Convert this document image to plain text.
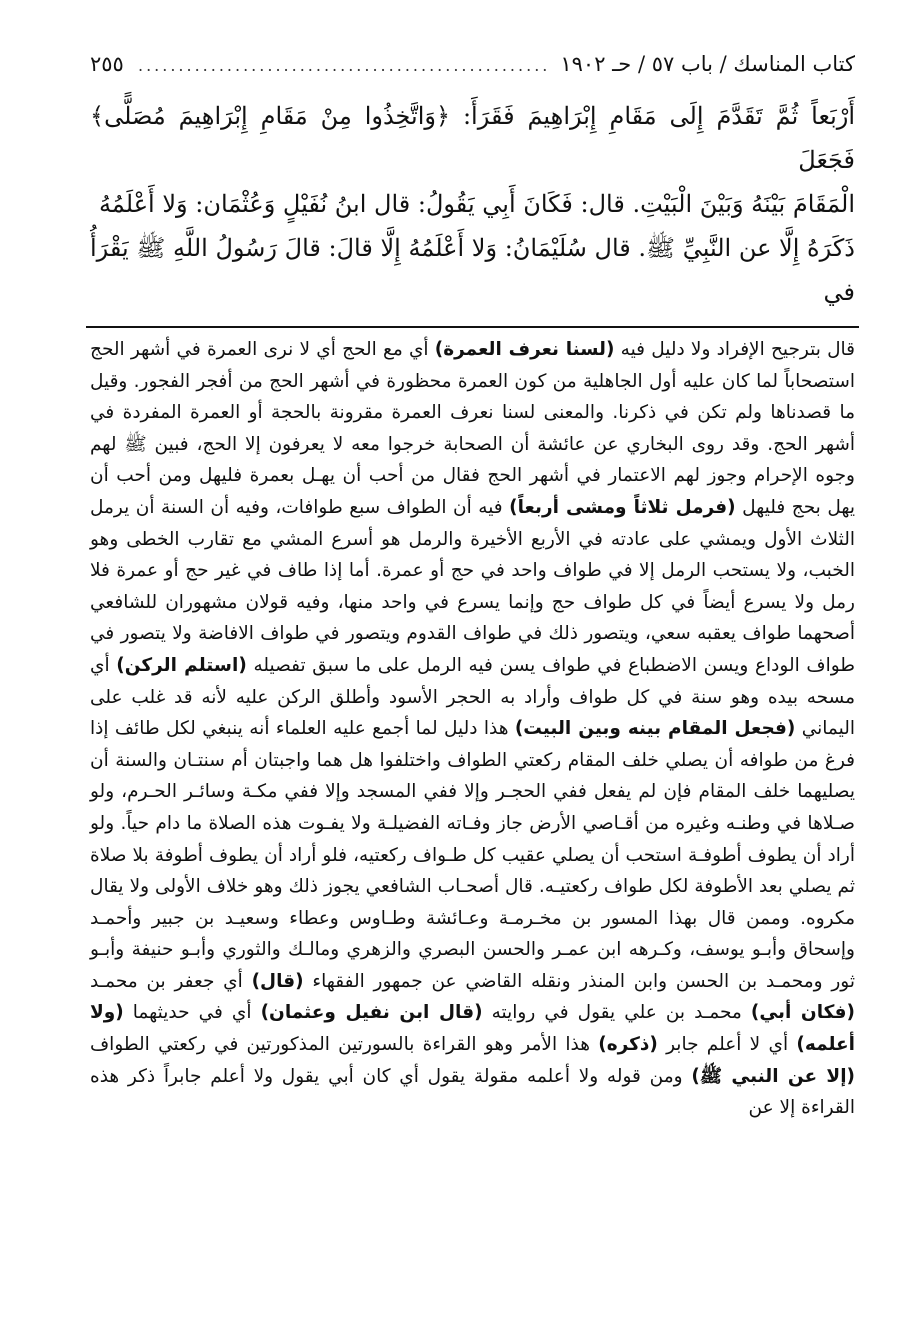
كتاب المناسك / باب ٥٧ / حـ ١٩٠٢
.....
٢٥٥

أَرْبَعاً ثُمَّ تَقَدَّمَ إِلَى مَقَامِ إِبْرَاهِيمَ فَقَرَأَ: ﴿وَاتَّخِذُوا مِنْ مَقَامِ إِبْرَاهِيمَ مُصَلًّى﴾ فَجَعَلَ

الْمَقَامَ بَيْنَهُ وَبَيْنَ الْبَيْتِ. قال: فَكَانَ أَبِي يَقُولُ: قال ابنُ نُفَيْلٍ وَعُثْمَان: وَلا أَعْلَمُهُ

ذَكَرَهُ إِلَّا عن النَّبِيِّ ﷺ. قال سُلَيْمَانُ: وَلا أَعْلَمُهُ إِلَّا قالَ: قالَ رَسُولُ اللَّهِ ﷺ يَقْرَأُ في

قال بترجيح الإفراد ولا دليل فيه (لسنا نعرف العمرة) أي مع الحج أي لا نرى العمرة في أشهر الحج استصحاباً لما كان عليه أول الجاهلية من كون العمرة محظورة في أشهر الحج من أفجر الفجور. وقيل ما قصدناها ولم تكن في ذكرنا. والمعنى لسنا نعرف العمرة مقرونة بالحجة أو العمرة المفردة في أشهر الحج. وقد روى البخاري عن عائشة أن الصحابة خرجوا معه لا يعرفون إلا الحج، فبين ﷺ لهم وجوه الإحرام وجوز لهم الاعتمار في أشهر الحج فقال من أحب أن يهـل بعمرة فليهل ومن أحب أن يهل بحج فليهل (فرمل ثلاثاً ومشى أربعاً) فيه أن الطواف سبع طوافات، وفيه أن السنة أن يرمل الثلاث الأول ويمشي على عادته في الأربع الأخيرة والرمل هو أسرع المشي مع تقارب الخطى وهو الخبب، ولا يستحب الرمل إلا في طواف واحد في حج أو عمرة. أما إذا طاف في غير حج أو عمرة فلا رمل ولا يسرع أيضاً في كل طواف حج وإنما يسرع في واحد منها، وفيه قولان مشهوران للشافعي أصحهما طواف يعقبه سعي، ويتصور ذلك في طواف القدوم ويتصور في طواف الافاضة ولا يتصور في طواف الوداع ويسن الاضطباع في طواف يسن فيه الرمل على ما سبق تفصيله (استلم الركن) أي مسحه بيده وهو سنة في كل طواف وأراد به الحجر الأسود وأطلق الركن عليه لأنه قد غلب على اليماني (فجعل المقام بينه وبين البيت) هذا دليل لما أجمع عليه العلماء أنه ينبغي لكل طائف إذا فرغ من طوافه أن يصلي خلف المقام ركعتي الطواف واختلفوا هل هما واجبتان أم سنتـان والسنة أن يصليهما خلف المقام فإن لم يفعل ففي الحجـر وإلا ففي المسجد وإلا ففي مكـة وسائـر الحـرم، ولو صـلاها في وطنـه وغيره من أقـاصي الأرض جاز وفـاته الفضيلـة ولا يفـوت هذه الصلاة ما دام حياً. ولو أراد أن يطوف أطوفـة استحب أن يصلي عقيب كل طـواف ركعتيه، فلو أراد أن يطوف أطوفة بلا صلاة ثم يصلي بعد الأطوفة لكل طواف ركعتيـه. قال أصحـاب الشافعي يجوز ذلك وهو خلاف الأولى ولا يقال مكروه. وممن قال بهذا المسور بن مخـرمـة وعـائشة وطـاوس وعطاء وسعيـد بن جبير وأحمـد وإسحاق وأبـو يوسف، وكـرهه ابن عمـر والحسن البصري والزهري ومالـك والثوري وأبـو حنيفة وأبـو ثور ومحمـد بن الحسن وابن المنذر ونقله القاضي عن جمهور الفقهاء (قال) أي جعفر بن محمـد (فكان أبي) محمـد بن علي يقول في روايته (قال ابن نفيل وعثمان) أي في حديثهما (ولا أعلمه) أي لا أعلم جابر (ذكره) هذا الأمر وهو القراءة بالسورتين المذكورتين في ركعتي الطواف (إلا عن النبي ﷺ) ومن قوله ولا أعلمه مقولة يقول أي كان أبي يقول ولا أعلم جابراً ذكر هذه القراءة إلا عن
